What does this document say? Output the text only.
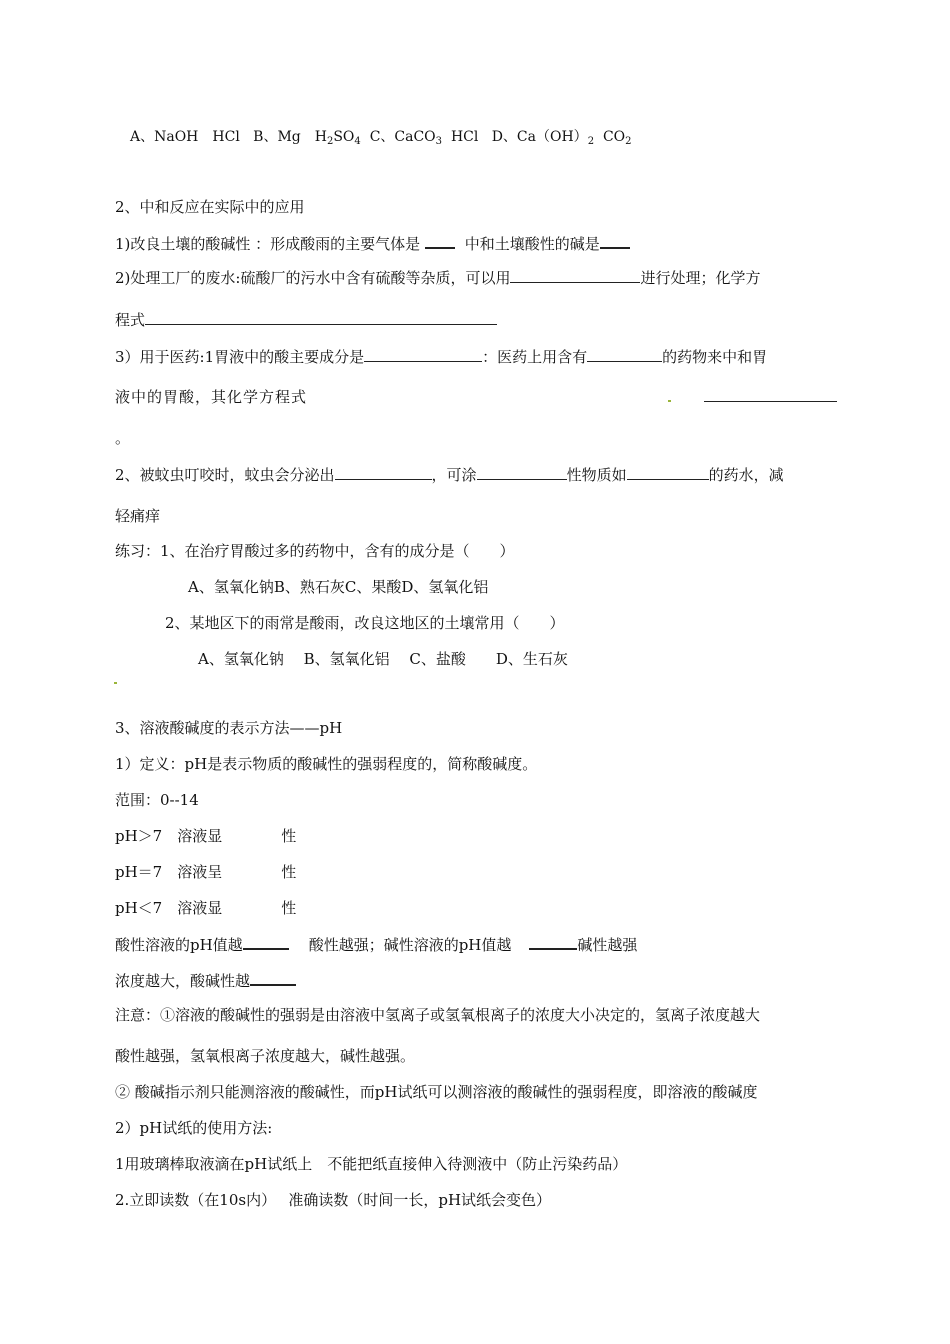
A、NaOH　HCl B、Mg　$H_2SO_4$ C、CaCO$_3$ HCl D、$Ca(OH)_2$ $CO_2$
2、中和反应在实际中的应用
1)改良土壤的酸碱性 ：形成酸雨的主要气体是	中和土壤酸性的碱是
2)处理工厂的废水:硫酸厂的污水中含有硫酸等杂质，可以用	进行处理；化学方
程式
3）用于医药:1胃液中的酸主要成分是	：医药上用含有	的药物来中和胃
液中的胃酸，其化学方程式
。
2、被蚊虫叮咬时，蚊虫会分泌出	，可涂	性物质如	的药水，减
轻痛痒
练习：1、在治疗胃酸过多的药物中，含有的成分是（　　）
A、氢氧化钠B、熟石灰C、果酸D、氢氧化铝
2、某地区下的雨常是酸雨，改良这地区的土壤常用（　　）
A、氢氧化钠　 B、氢氧化铝　 C、盐酸　　D、生石灰
3、溶液酸碱度的表示方法——pH
1）定义：pH是表示物质的酸碱性的强弱程度的，简称酸碱度。
范围：0--14
pH＞7　溶液显	性
pH＝7　溶液呈	性
pH＜7　溶液显	性
酸性溶液的pH值越	酸性越强；碱性溶液的pH值越	碱性越强
浓度越大，酸碱性越
注意：①溶液的酸碱性的强弱是由溶液中氢离子或氢氧根离子的浓度大小决定的，氢离子浓度越大
酸性越强，氢氧根离子浓度越大，碱性越强。
② 酸碱指示剂只能测溶液的酸碱性，而pH试纸可以测溶液的酸碱性的强弱程度，即溶液的酸碱度
2）pH试纸的使用方法:
1用玻璃棒取液滴在pH试纸上　不能把纸直接伸入待测液中（防止污染药品）
2.立即读数（在10s内）　 准确读数（时间一长，pH试纸会变色）
